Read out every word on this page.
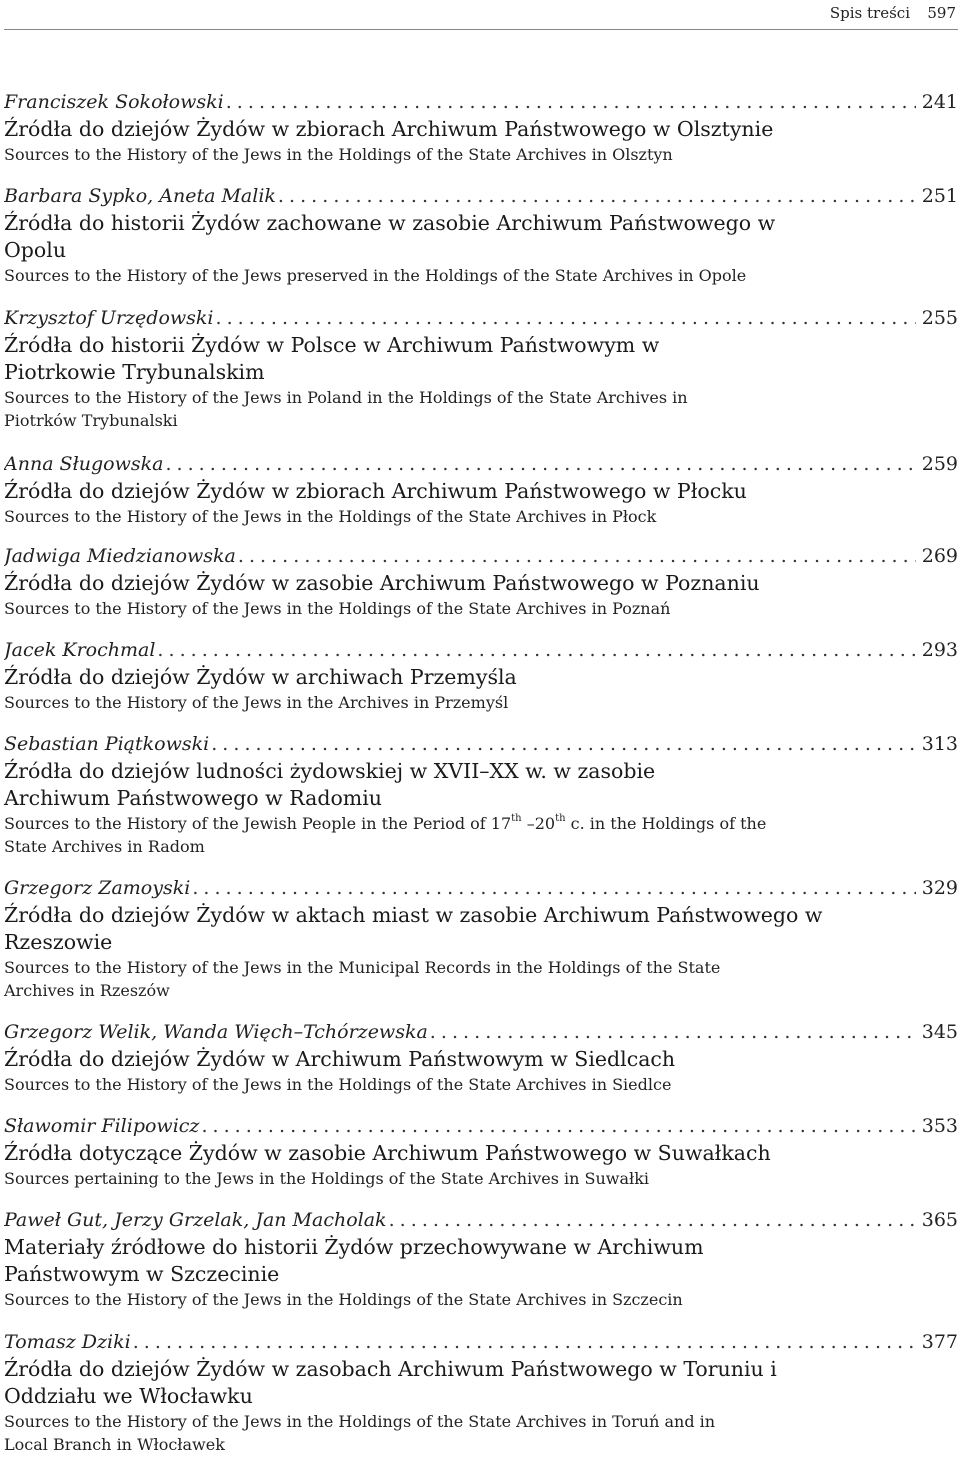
Spis treści 597
Franciszek Sokołowski . . .	241
Źródła do dziejów Żydów w zbiorach Archiwum Państwowego w Olsztynie
Sources to the History of the Jews in the Holdings of the State Archives in Olsztyn
Barbara Sypko, Aneta Malik . . .	251
Źródła do historii Żydów zachowane w zasobie Archiwum Państwowego w Opolu
Sources to the History of the Jews preserved in the Holdings of the State Archives in Opole
Krzysztof Urzędowski . . .	255
Źródła do historii Żydów w Polsce w Archiwum Państwowym w Piotrkowie Trybunalskim
Sources to the History of the Jews in Poland in the Holdings of the State Archives in Piotrków Trybunalski
Anna Sługowska . . .	259
Źródła do dziejów Żydów w zbiorach Archiwum Państwowego w Płocku
Sources to the History of the Jews in the Holdings of the State Archives in Płock
Jadwiga Miedzianowska . . .	269
Źródła do dziejów Żydów w zasobie Archiwum Państwowego w Poznaniu
Sources to the History of the Jews in the Holdings of the State Archives in Poznań
Jacek Krochmal . . .	293
Źródła do dziejów Żydów w archiwach Przemyśla
Sources to the History of the Jews in the Archives in Przemyśl
Sebastian Piątkowski . . .	313
Źródła do dziejów ludności żydowskiej w XVII–XX w. w zasobie Archiwum Państwowego w Radomiu
Sources to the History of the Jewish People in the Period of 17th –20th c. in the Holdings of the State Archives in Radom
Grzegorz Zamoyski . . .	329
Źródła do dziejów Żydów w aktach miast w zasobie Archiwum Państwowego w Rzeszowie
Sources to the History of the Jews in the Municipal Records in the Holdings of the State Archives in Rzeszów
Grzegorz Welik, Wanda Więch–Tchórzewska . . .	345
Źródła do dziejów Żydów w Archiwum Państwowym w Siedlcach
Sources to the History of the Jews in the Holdings of the State Archives in Siedlce
Sławomir Filipowicz . . .	353
Źródła dotyczące Żydów w zasobie Archiwum Państwowego w Suwałkach
Sources pertaining to the Jews in the Holdings of the State Archives in Suwałki
Paweł Gut, Jerzy Grzelak, Jan Macholak . . .	365
Materiały źródłowe do historii Żydów przechowywane w Archiwum Państwowym w Szczecinie
Sources to the History of the Jews in the Holdings of the State Archives in Szczecin
Tomasz Dziki . . .	377
Źródła do dziejów Żydów w zasobach Archiwum Państwowego w Toruniu i Oddziału we Włocławku
Sources to the History of the Jews in the Holdings of the State Archives in Toruń and in Local Branch in Włocławek
